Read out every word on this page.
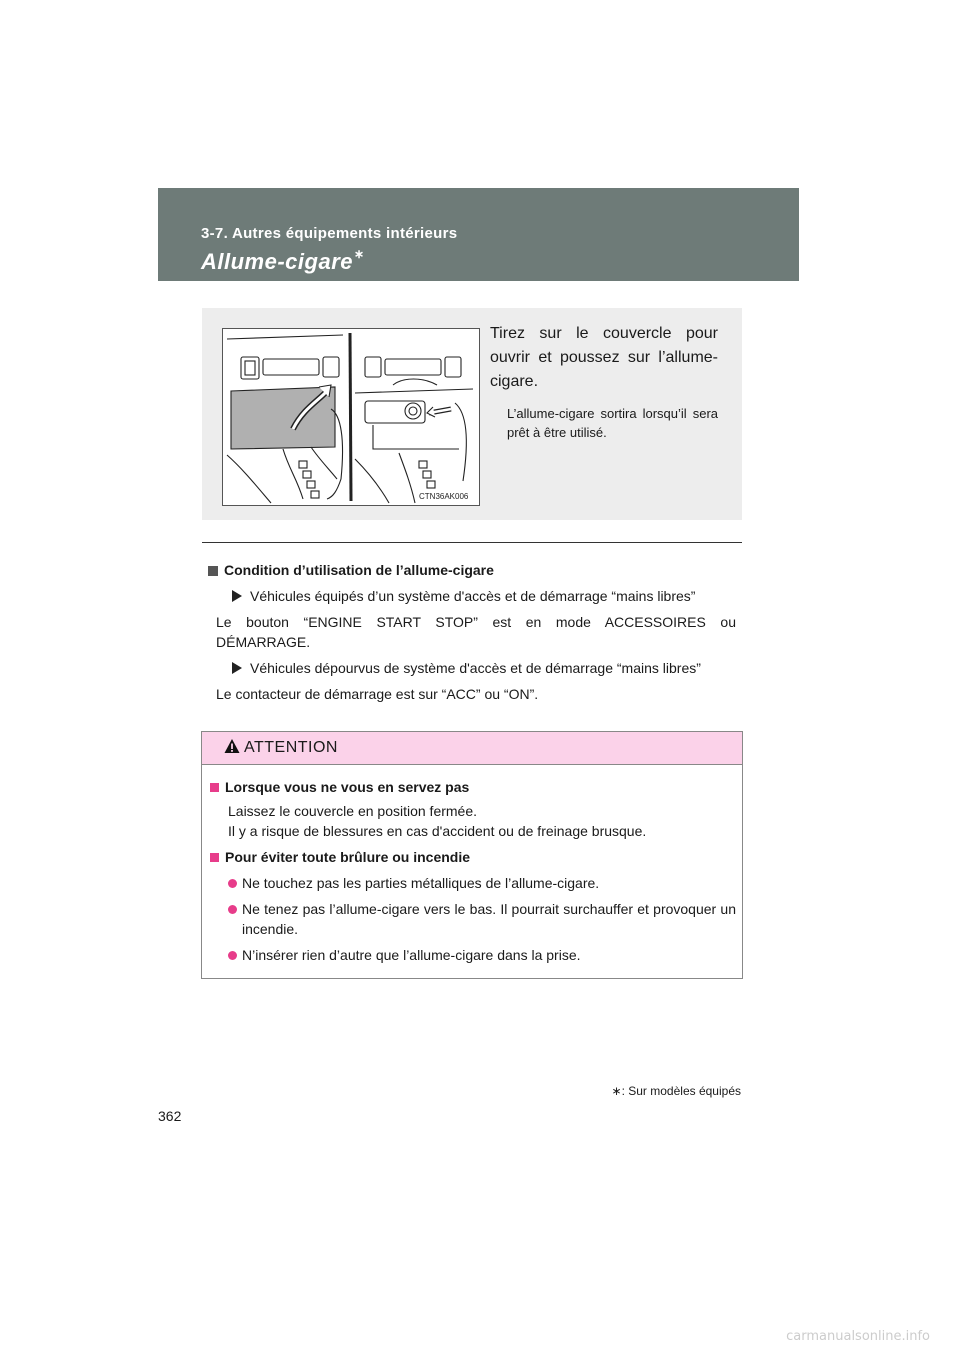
3-7. Autres équipements intérieurs
Allume-cigare∗
CTN36AK006

Tirez sur le couvercle pour ouvrir et poussez sur l’allume-cigare.

L’allume-cigare sortira lorsqu’il sera prêt à être utilisé.

Condition d’utilisation de l’allume-cigare

Véhicules équipés d’un système d'accès et de démarrage “mains libres”

Le bouton “ENGINE START STOP” est en mode ACCESSOIRES ou DÉMARRAGE.

Véhicules dépourvus de système d'accès et de démarrage “mains libres”

Le contacteur de démarrage est sur “ACC” ou “ON”.

ATTENTION

Lorsque vous ne vous en servez pas

Laissez le couvercle en position fermée.
Il y a risque de blessures en cas d'accident ou de freinage brusque.

Pour éviter toute brûlure ou incendie

Ne touchez pas les parties métalliques de l’allume-cigare.

Ne tenez pas l’allume-cigare vers le bas. Il pourrait surchauffer et provoquer un incendie.

N’insérer rien d’autre que l’allume-cigare dans la prise.

∗: Sur modèles équipés
362
carmanualsonline.info
